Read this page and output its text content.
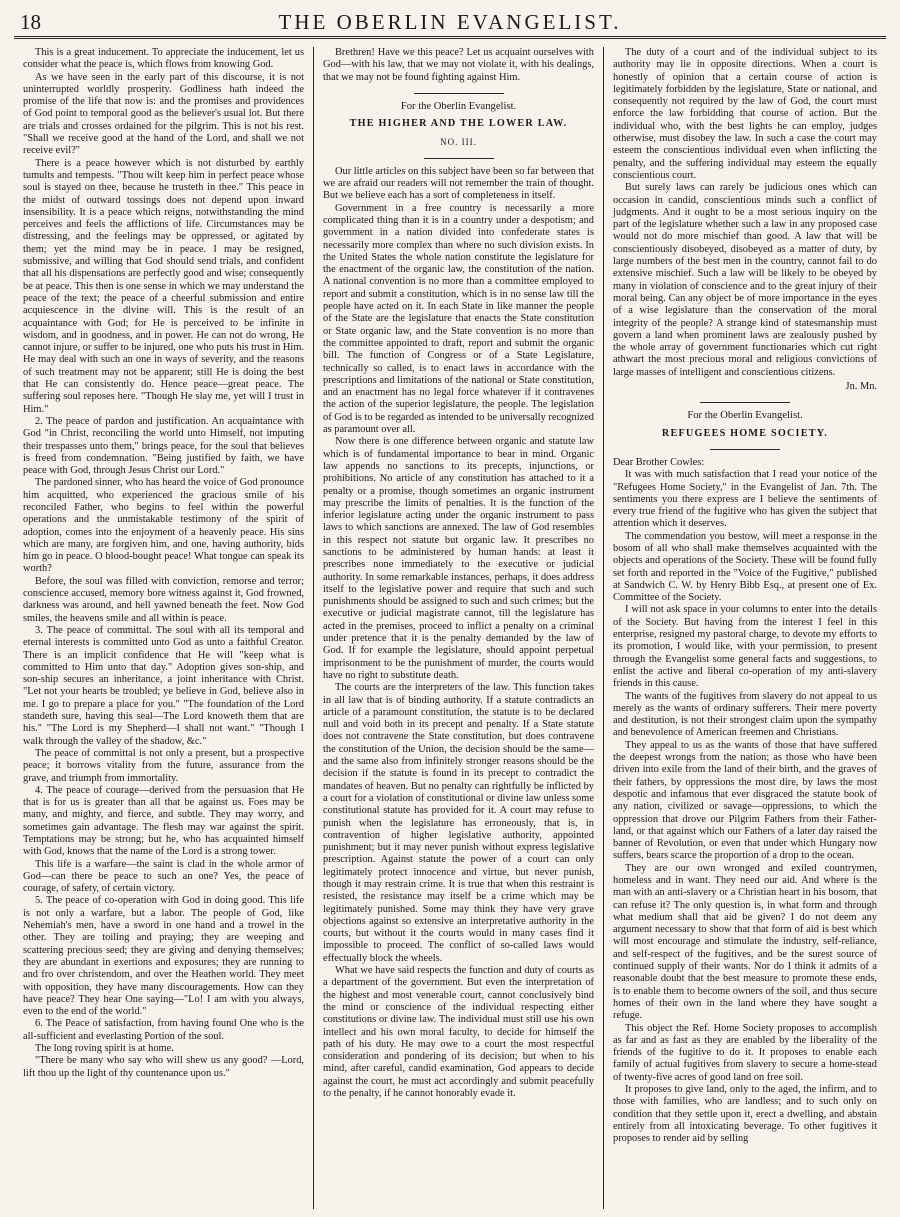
18	THE OBERLIN EVANGELIST.

This is a great inducement. To appreciate the inducement, let us consider what the peace is, which flows from knowing God.

As we have seen in the early part of this discourse, it is not uninterrupted worldly prosperity. Godliness hath indeed the promise of the life that now is: and the promises and providences of God point to temporal good as the believer's usual lot. But there are trials and crosses ordained for the pilgrim. This is not his rest. "Shall we receive good at the hand of the Lord, and shall we not receive evil?"

There is a peace however which is not disturbed by earthly tumults and tempests. "Thou wilt keep him in perfect peace whose soul is stayed on thee, because he trusteth in thee." This peace in the midst of outward tossings does not depend upon inward insensibility. It is a peace which reigns, notwithstanding the mind perceives and feels the afflictions of life. Circumstances may be distressing, and the feelings may be oppressed, or agitated by them; yet the mind may be in peace. I may be resigned, submissive, and willing that God should send trials, and confident that all his dispensations are perfectly good and wise; consequently be at peace. This then is one sense in which we may understand the peace of the text; the peace of a cheerful submission and entire acquiescence in the divine will. This is the result of an acquaintance with God; for He is perceived to be infinite in wisdom, and in goodness, and in power. He can not do wrong, He cannot injure, or suffer to be injured, one who puts his trust in Him. He may deal with such an one in ways of severity, and the reasons of such treatment may not be apparent; still He is doing the best that He can consistently do. Hence peace—great peace. The suffering soul reposes here. "Though He slay me, yet will I trust in Him."

2. The peace of pardon and justification. An acquaintance with God "in Christ, reconciling the world unto Himself, not imputing their trespasses unto them," brings peace, for the soul that believes is freed from condemnation. "Being justified by faith, we have peace with God, through Jesus Christ our Lord."

The pardoned sinner, who has heard the voice of God pronounce him acquitted, who experienced the gracious smile of his reconciled Father, who begins to feel within the powerful operations and the unmistakable testimony of the spirit of adoption, comes into the enjoyment of a heavenly peace. His sins which are many, are forgiven him, and one, having authority, bids him go in peace. O blood-bought peace! What tongue can speak its worth?

Before, the soul was filled with conviction, remorse and terror; conscience accused, memory bore witness against it, God frowned, darkness was around, and hell yawned beneath the feet. Now God smiles, the heavens smile and all within is peace.

3. The peace of committal. The soul with all its temporal and eternal interests is committed unto God as unto a faithful Creator. There is an implicit confidence that He will "keep what is committed to Him unto that day." Adoption gives son-ship, and son-ship secures an inheritance, a joint inheritance with Christ. "Let not your hearts be troubled; ye believe in God, believe also in me. I go to prepare a place for you." "The foundation of the Lord standeth sure, having this seal—The Lord knoweth them that are his." "The Lord is my Shepherd—I shall not want." "Though I walk through the valley of the shadow, &c."

The peace of committal is not only a present, but a prospective peace; it borrows vitality from the future, assurance from the grave, and triumph from immortality.

4. The peace of courage—derived from the persuasion that He that is for us is greater than all that be against us. Foes may be many, and mighty, and fierce, and subtle. They may worry, and sometimes gain advantage. The flesh may war against the spirit. Temptations may be strong; but he, who has acquainted himself with God, knows that the name of the Lord is a strong tower.

This life is a warfare—the saint is clad in the whole armor of God—can there be peace to such an one? Yes, the peace of courage, of safety, of certain victory.

5. The peace of co-operation with God in doing good. This life is not only a warfare, but a labor. The people of God, like Nehemiah's men, have a sword in one hand and a trowel in the other. They are toiling and praying; they are weeping and scattering precious seed; they are giving and denying themselves; they are abundant in exertions and exposures; they are running to and fro over christendom, and over the Heathen world. They meet with opposition, they have many discouragements. How can they have peace? They hear One saying—"Lo! I am with you always, even to the end of the world."

6. The Peace of satisfaction, from having found One who is the all-sufficient and everlasting Portion of the soul.

The long roving spirit is at home.

"There be many who say who will shew us any good? —Lord, lift thou up the light of thy countenance upon us."

Brethren! Have we this peace? Let us acquaint ourselves with God—with his law, that we may not violate it, with his dealings, that we may not be found fighting against Him.

For the Oberlin Evangelist.

THE HIGHER AND THE LOWER LAW.

NO. III.

Our little articles on this subject have been so far between that we are afraid our readers will not remember the train of thought. But we believe each has a sort of completeness in itself.

Government in a free country is necessarily a more complicated thing than it is in a country under a despotism; and government in a nation divided into confederate states is necessarily more complex than where no such division exists. In the United States the whole nation constitute the legislature for the enactment of the organic law, the constitution of the nation. A national convention is no more than a committee employed to report and submit a constitution, which is in no sense law till the people have acted on it. In each State in like manner the people of the State are the legislature that enacts the State constitution or State organic law, and the State convention is no more than the committee appointed to draft, report and submit the organic bill. The function of Congress or of a State Legislature, technically so called, is to enact laws in accordance with the prescriptions and limitations of the national or State constitution, and an enactment has no legal force whatever if it contravenes the action of the superior legislature, the people. The legislation of God is to be regarded as intended to be universally recognized as paramount over all.

Now there is one difference between organic and statute law which is of fundamental importance to bear in mind. Organic law appends no sanctions to its precepts, injunctions, or prohibitions. No article of any constitution has attached to it a penalty or a promise, though sometimes an organic instrument may prescribe the limits of penalties. It is the function of the inferior legislature acting under the organic instrument to pass laws to which sanctions are annexed. The law of God resembles in this respect not statute but organic law. It prescribes no sanctions to be administered by human hands: at least it prescribes none immediately to the executive or judicial authority. In some remarkable instances, perhaps, it does address itself to the legislative power and require that such and such punishments should be assigned to such and such crimes; but the executive or judicial magistrate cannot, till the legislature has acted in the premises, proceed to inflict a penalty on a criminal under pretence that it is the penalty demanded by the law of God. If for example the legislature, should appoint perpetual imprisonment to be the punishment of murder, the courts would have no right to substitute death.

The courts are the interpreters of the law. This function takes in all law that is of binding authority. If a statute contradicts an article of a paramount constitution, the statute is to be declared null and void both in its precept and penalty. If a State statute does not contravene the State constitution, but does contravene the constitution of the Union, the decision should be the same—and the same also from infinitely stronger reasons should be the decision if the statute is found in its precept to contradict the mandates of heaven. But no penalty can rightfully be inflicted by a court for a violation of constitutional or divine law unless some constitutional statute has provided for it. A court may refuse to punish when the legislature has erroneously, that is, in contravention of higher legislative authority, appointed punishment; but it may never punish without express legislative prescription. Against statute the power of a court can only legitimately protect innocence and virtue, but never punish, though it may restrain crime. It is true that when this restraint is resisted, the resistance may itself be a crime which may be legitimately punished. Some may think they have very grave objections against so extensive an interpretative authority in the courts, but without it the courts would in many cases find it impossible to proceed. The conflict of so-called laws would effectually block the wheels.

What we have said respects the function and duty of courts as a department of the government. But even the interpretation of the highest and most venerable court, cannot conclusively bind the mind or conscience of the individual respecting either constitutions or divine law. The individual must still use his own intellect and his own moral faculty, to decide for himself the path of his duty. He may owe to a court the most respectful consideration and pondering of its decision; but when to his mind, after careful, candid examination, God appears to decide against the court, he must act accordingly and submit peacefully to the penalty, if he cannot honorably evade it.

The duty of a court and of the individual subject to its authority may lie in opposite directions. When a court is honestly of opinion that a certain course of action is legitimately forbidden by the legislature, State or national, and consequently not required by the law of God, the court must enforce the law forbidding that course of action. But the individual who, with the best lights he can employ, judges otherwise, must disobey the law. In such a case the court may esteem the conscientious individual even when inflicting the penalty, and the suffering individual may esteem the equally conscientious court.

But surely laws can rarely be judicious ones which can occasion in candid, conscientious minds such a conflict of judgments. And it ought to be a most serious inquiry on the part of the legislature whether such a law in any proposed case would not do more mischief than good. A law that will be conscientiously disobeyed, disobeyed as a matter of duty, by large numbers of the best men in the country, cannot fail to do extensive mischief. Such a law will be likely to be obeyed by many in violation of conscience and to the great injury of their moral being. Can any object be of more importance in the eyes of a wise legislature than the conservation of the moral integrity of the people? A strange kind of statesmanship must govern a land when prominent laws are zealously pushed by the whole array of government functionaries which cut right athwart the most precious moral and religious convictions of large masses of intelligent and conscientious citizens.

Jn. Mn.

For the Oberlin Evangelist.

REFUGEES HOME SOCIETY.

Dear Brother Cowles:

It was with much satisfaction that I read your notice of the "Refugees Home Society," in the Evangelist of Jan. 7th. The sentiments you there express are I believe the sentiments of every true friend of the fugitive who has given the subject that attention which it deserves.

The commendation you bestow, will meet a response in the bosom of all who shall make themselves acquainted with the objects and operations of the Society. These will be found fully set forth and reported in the "Voice of the Fugitive," published at Sandwich C. W. by Henry Bibb Esq., at present one of Ex. Committee of the Society.

I will not ask space in your columns to enter into the details of the Society. But having from the interest I feel in this enterprise, resigned my pastoral charge, to devote my efforts to its promotion, I would like, with your permission, to present through the Evangelist some general facts and suggestions, to enlist the active and liberal co-operation of my anti-slavery friends in this cause.

The wants of the fugitives from slavery do not appeal to us merely as the wants of ordinary sufferers. Their mere poverty and destitution, is not their strongest claim upon the sympathy and benevolence of American freemen and Christians.

They appeal to us as the wants of those that have suffered the deepest wrongs from the nation; as those who have been driven into exile from the land of their birth, and the graves of their fathers, by oppressions the most dire, by laws the most despotic and infamous that ever disgraced the statute book of any nation, civilized or savage—oppressions, to which the oppression that drove our Pilgrim Fathers from their Father-land, or that against which our Fathers of a later day raised the banner of Revolution, or even that under which Hungary now suffers, bears scarce the proportion of a drop to the ocean.

They are our own wronged and exiled countrymen, homeless and in want. They need our aid. And where is the man with an anti-slavery or a Christian heart in his bosom, that can refuse it? The only question is, in what form and through what medium shall that aid be given? I do not deem any argument necessary to show that that form of aid is best which will most encourage and stimulate the industry, self-reliance, and self-respect of the fugitives, and be the surest source of continued supply of their wants. Nor do I think it admits of a reasonable doubt that the best measure to promote these ends, is to enable them to become owners of the soil, and thus secure homes of their own in the land where they have sought a refuge.

This object the Ref. Home Society proposes to accomplish as far and as fast as they are enabled by the liberality of the friends of the fugitive to do it. It proposes to enable each family of actual fugitives from slavery to secure a home-stead of twenty-five acres of good land on free soil.

It proposes to give land, only to the aged, the infirm, and to those with families, who are landless; and to such only on condition that they settle upon it, erect a dwelling, and abstain entirely from all intoxicating beverage. To other fugitives it proposes to render aid by selling
